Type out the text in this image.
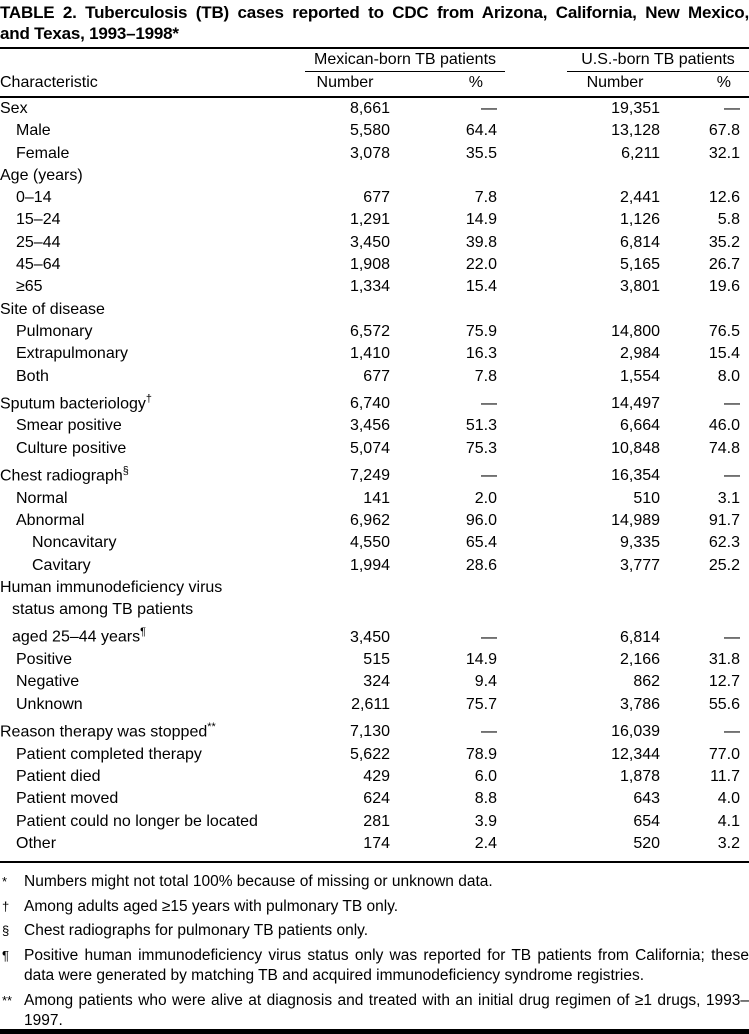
TABLE 2. Tuberculosis (TB) cases reported to CDC from Arizona, California, New Mexico,
and Texas, 1993–1998*

	Mexican-born TB patients		U.S.-born TB patients	

Characteristic	Number	%	Number	%
Sex	8,661	—	19,351	—
Male	5,580	64.4	13,128	67.8
Female	3,078	35.5	6,211	32.1
Age (years)				
0–14	677	7.8	2,441	12.6
15–24	1,291	14.9	1,126	5.8
25–44	3,450	39.8	6,814	35.2
45–64	1,908	22.0	5,165	26.7
≥65	1,334	15.4	3,801	19.6
Site of disease				
Pulmonary	6,572	75.9	14,800	76.5
Extrapulmonary	1,410	16.3	2,984	15.4
Both	677	7.8	1,554	8.0
Sputum bacteriology†	6,740	—	14,497	—
Smear positive	3,456	51.3	6,664	46.0
Culture positive	5,074	75.3	10,848	74.8
Chest radiograph§	7,249	—	16,354	—
Normal	141	2.0	510	3.1
Abnormal	6,962	96.0	14,989	91.7
Noncavitary	4,550	65.4	9,335	62.3
Cavitary	1,994	28.6	3,777	25.2

Human immunodeficiency virus
status among TB patients
aged 25–44 years¶	3,450	—	6,814	—
Positive	515	14.9	2,166	31.8
Negative	324	9.4	862	12.7
Unknown	2,611	75.7	3,786	55.6
Reason therapy was stopped**	7,130	—	16,039	—
Patient completed therapy	5,622	78.9	12,344	77.0
Patient died	429	6.0	1,878	11.7
Patient moved	624	8.8	643	4.0
Patient could no longer be located	281	3.9	654	4.1
Other	174	2.4	520	3.2
* Numbers might not total 100% because of missing or unknown data.
† Among adults aged ≥15 years with pulmonary TB only.
§ Chest radiographs for pulmonary TB patients only.
¶ Positive human immunodeficiency virus status only was reported for TB patients from California; these data were generated by matching TB and acquired immunodeficiency syndrome registries.
** Among patients who were alive at diagnosis and treated with an initial drug regimen of ≥1 drugs, 1993–1997.
